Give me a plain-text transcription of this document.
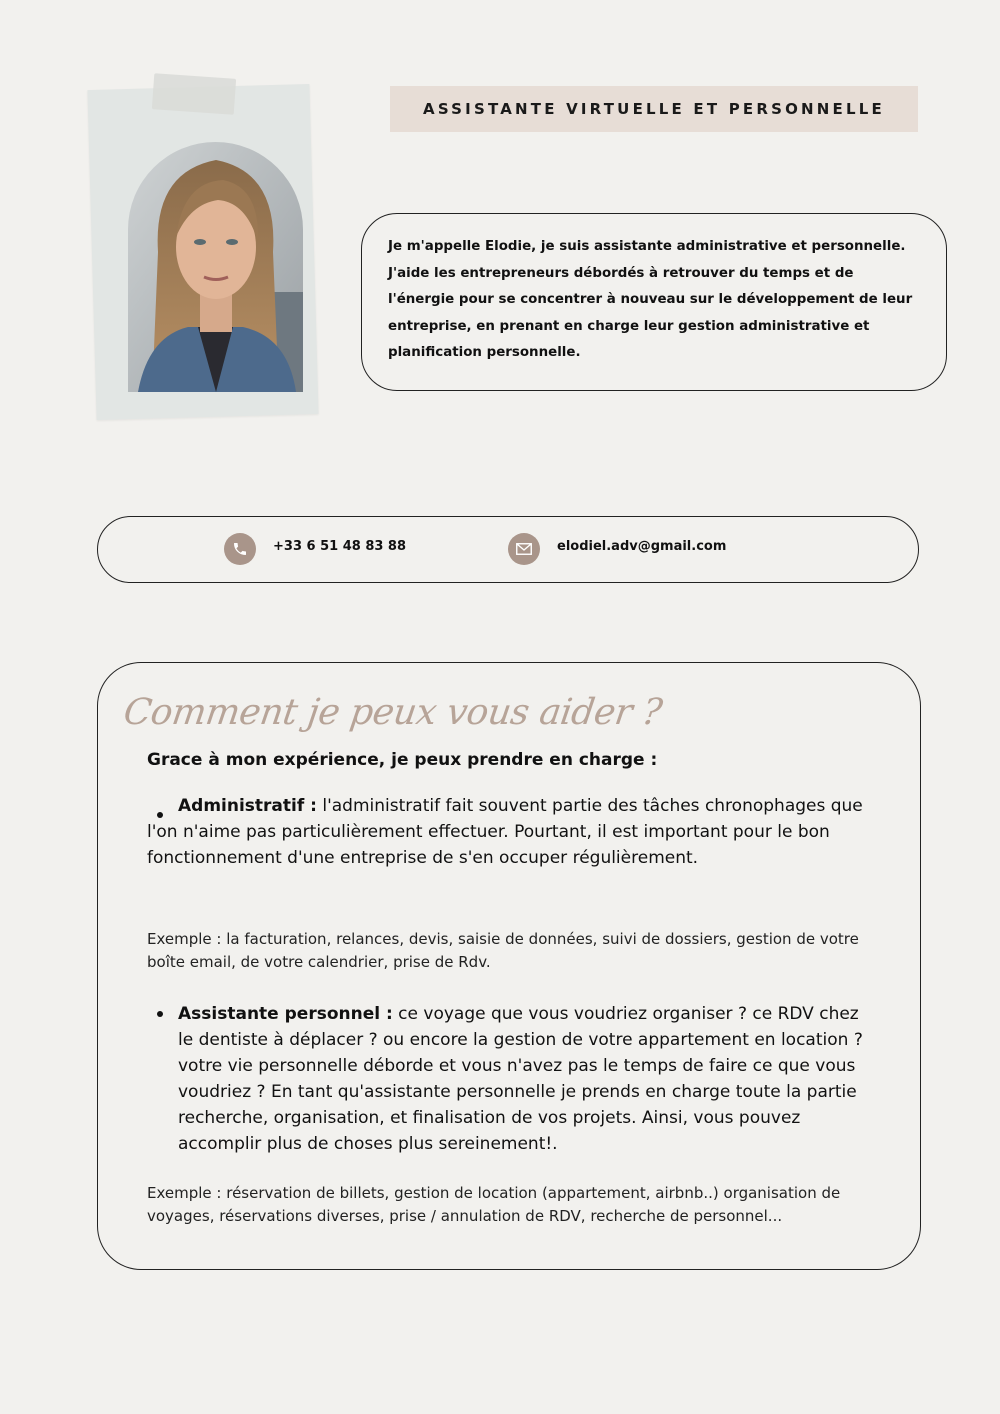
ASSISTANTE VIRTUELLE ET PERSONNELLE
Je m'appelle Elodie, je suis assistante administrative et personnelle. J'aide les entrepreneurs débordés à retrouver du temps et de l'énergie pour se concentrer à nouveau sur le développement de leur entreprise, en prenant en charge leur gestion administrative et planification personnelle.
+33 6 51 48 83 88	elodiel.adv@gmail.com
Comment je peux vous aider ?
Grace à mon expérience, je peux prendre en charge :
Administratif : l'administratif fait souvent partie des tâches chronophages que l'on n'aime pas particulièrement effectuer. Pourtant, il est important pour le bon fonctionnement d'une entreprise de s'en occuper régulièrement.
Exemple : la facturation, relances, devis, saisie de données, suivi de dossiers, gestion de votre boîte email, de votre calendrier, prise de Rdv.
Assistante personnel : ce voyage que vous voudriez organiser ? ce RDV chez le dentiste à déplacer ? ou encore la gestion de votre appartement en location ? votre vie personnelle déborde et vous n'avez pas le temps de faire ce que vous voudriez ? En tant qu'assistante personnelle je prends en charge toute la partie recherche, organisation, et finalisation de vos projets. Ainsi, vous pouvez accomplir plus de choses plus sereinement!.
Exemple : réservation de billets, gestion de location (appartement, airbnb..) organisation de voyages, réservations diverses, prise / annulation de RDV, recherche de personnel...
